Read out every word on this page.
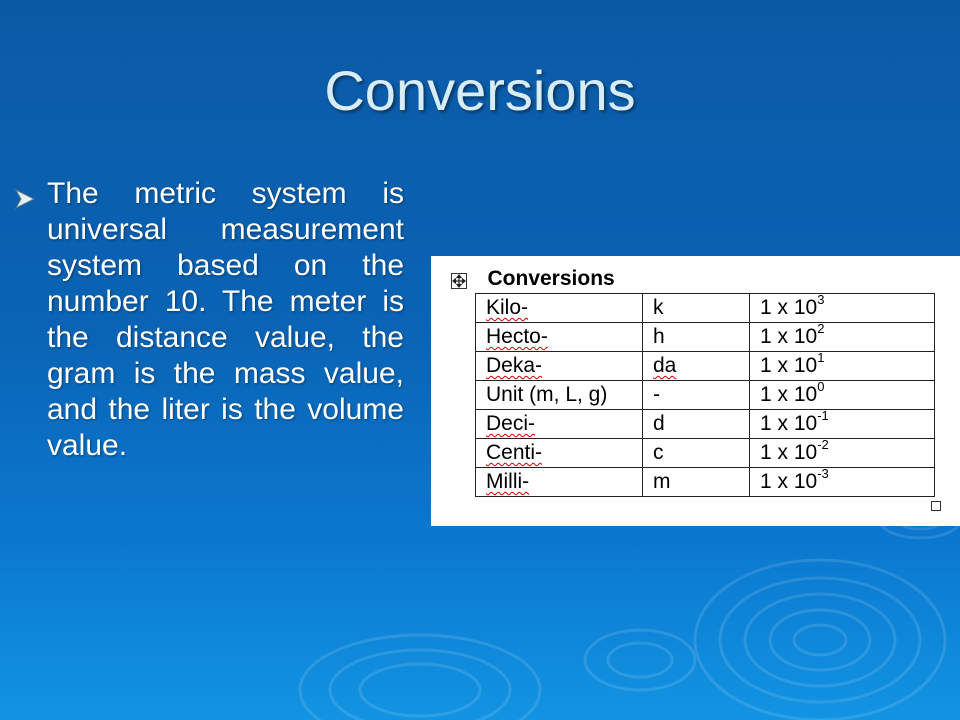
Conversions

The metric system is universal measurement system based on the number 10. The meter is the distance value, the gram is the mass value, and the liter is the volume value.

Conversions		
Kilo-	k	1 x $10^3$
Hecto-	h	1 x $10^2$
Deka-	da	1 x $10^1$
Unit (m, L, g)	-	1 x $10^0$
Deci-	d	1 x $10^{-1}$
Centi-	c	1 x $10^{-2}$
Milli-	m	1 x $10^{-3}$
